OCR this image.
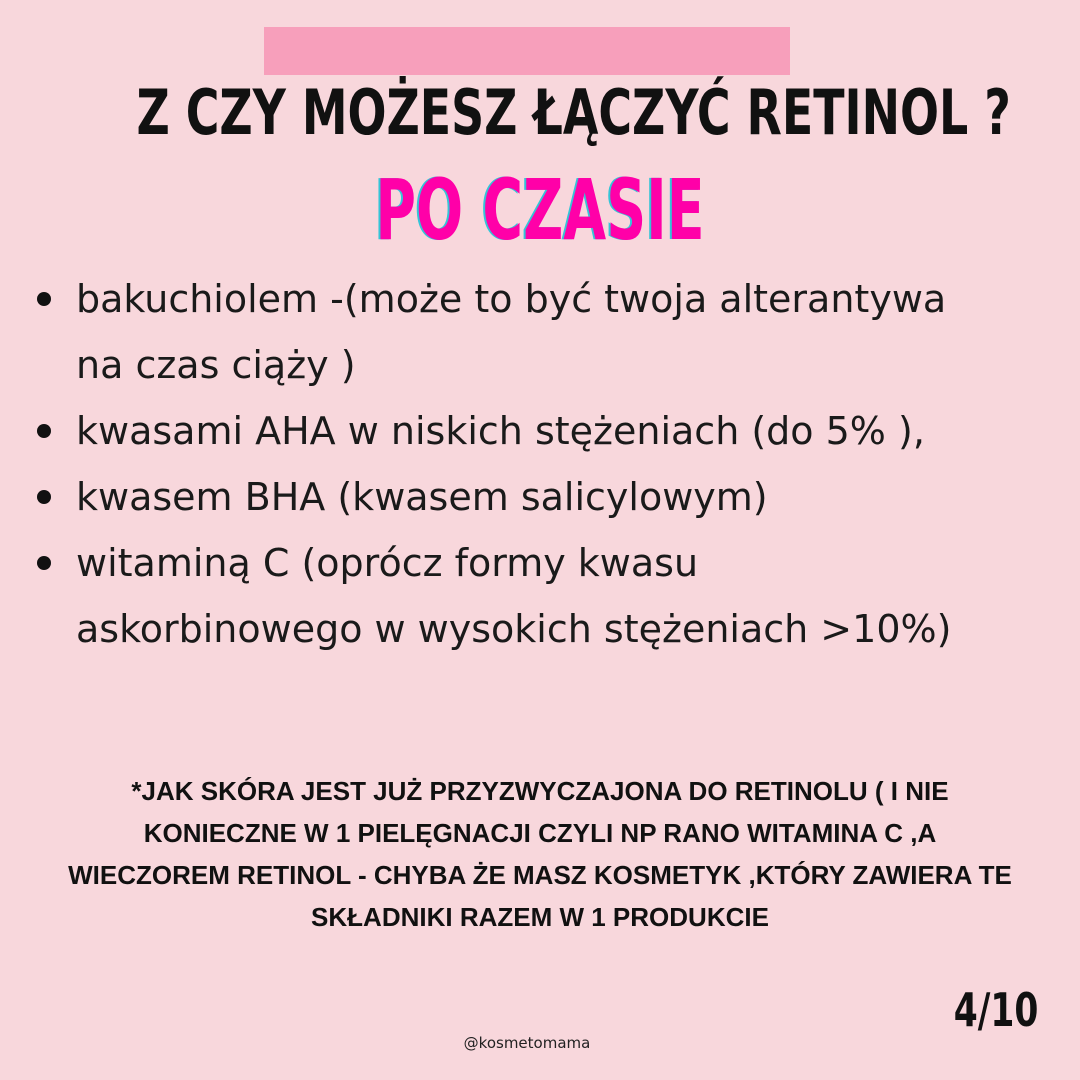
Z CZY MOŻESZ ŁĄCZYĆ RETINOL ?
PO CZASIE
bakuchiolem -(może to być twoja alterantywa
na czas ciąży )
kwasami AHA w niskich stężeniach (do 5% ),
kwasem BHA (kwasem salicylowym)
witaminą C (oprócz formy kwasu
askorbinowego w wysokich stężeniach >10%)
*JAK SKÓRA JEST JUŻ PRZYZWYCZAJONA DO RETINOLU ( I NIE KONIECZNE W 1 PIELĘGNACJI CZYLI NP RANO WITAMINA C ,A WIECZOREM RETINOL - CHYBA ŻE MASZ KOSMETYK ,KTÓRY ZAWIERA TE SKŁADNIKI RAZEM W 1 PRODUKCIE
4/10
@kosmetomama
